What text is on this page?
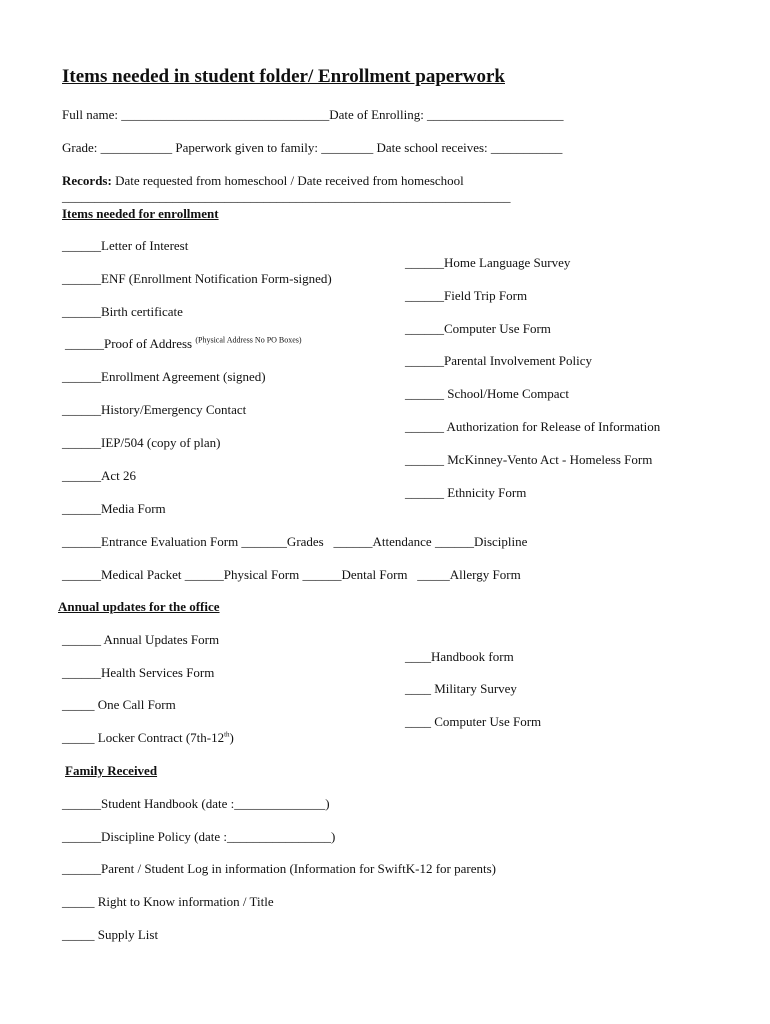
Items needed in student folder/ Enrollment paperwork
Full name: ________________________________Date of Enrolling: _____________________
Grade: ___________ Paperwork given to family: ________ Date school receives: ___________
Records: Date requested from homeschool / Date received from homeschool
_____________________________________________________________________
Items needed for enrollment
______Letter of Interest
______ENF (Enrollment Notification Form-signed)
______Birth certificate
______Proof of Address $^{(Physical Address No PO Boxes)}$
______Enrollment Agreement (signed)
______History/Emergency Contact
______IEP/504 (copy of plan)
______Act 26
______Media Form
______Home Language Survey
______Field Trip Form
______Computer Use Form
______Parental Involvement Policy
______ School/Home Compact
______ Authorization for Release of Information
______ McKinney-Vento Act - Homeless Form
______ Ethnicity Form
______Entrance Evaluation Form _______Grades   ______Attendance ______Discipline
______Medical Packet ______Physical Form ______Dental Form   _____Allergy Form
Annual updates for the office
______ Annual Updates Form
______Health Services Form
_____ One Call Form
_____ Locker Contract (7th-12th)
____Handbook form
____ Military Survey
____ Computer Use Form
Family Received
______Student Handbook (date :______________)
______Discipline Policy (date :________________)
______Parent / Student Log in information (Information for SwiftK-12 for parents)
_____ Right to Know information / Title
_____ Supply List
